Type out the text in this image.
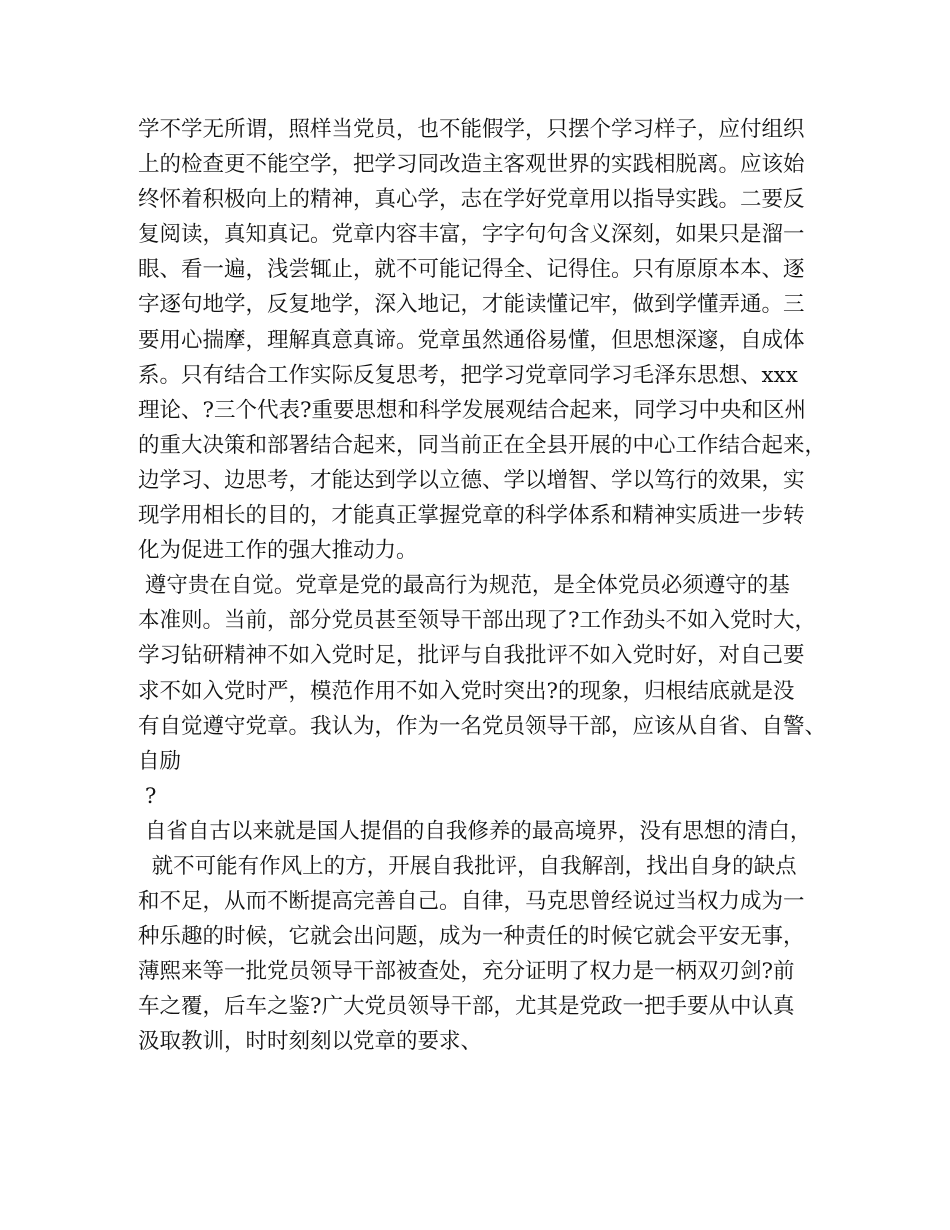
学不学无所谓，照样当党员，也不能假学，只摆个学习样子，应付组织
上的检查更不能空学，把学习同改造主客观世界的实践相脱离。应该始
终怀着积极向上的精神，真心学，志在学好党章用以指导实践。二要反
复阅读，真知真记。党章内容丰富，字字句句含义深刻，如果只是溜一
眼、看一遍，浅尝辄止，就不可能记得全、记得住。只有原原本本、逐
字逐句地学，反复地学，深入地记，才能读懂记牢，做到学懂弄通。三
要用心揣摩，理解真意真谛。党章虽然通俗易懂，但思想深邃，自成体
系。只有结合工作实际反复思考，把学习党章同学习毛泽东思想、xxx
理论、?三个代表?重要思想和科学发展观结合起来，同学习中央和区州
的重大决策和部署结合起来，同当前正在全县开展的中心工作结合起来，
边学习、边思考，才能达到学以立德、学以增智、学以笃行的效果，实
现学用相长的目的，才能真正掌握党章的科学体系和精神实质进一步转
化为促进工作的强大推动力。
遵守贵在自觉。党章是党的最高行为规范，是全体党员必须遵守的基
本准则。当前，部分党员甚至领导干部出现了?工作劲头不如入党时大，
学习钻研精神不如入党时足，批评与自我批评不如入党时好，对自己要
求不如入党时严，模范作用不如入党时突出?的现象，归根结底就是没
有自觉遵守党章。我认为，作为一名党员领导干部，应该从自省、自警、
自励
?
自省自古以来就是国人提倡的自我修养的最高境界，没有思想的清白，
就不可能有作风上的方，开展自我批评，自我解剖，找出自身的缺点
和不足，从而不断提高完善自己。自律，马克思曾经说过当权力成为一
种乐趣的时候，它就会出问题，成为一种责任的时候它就会平安无事，
薄熙来等一批党员领导干部被查处，充分证明了权力是一柄双刃剑?前
车之覆，后车之鉴?广大党员领导干部，尤其是党政一把手要从中认真
汲取教训，时时刻刻以党章的要求、
